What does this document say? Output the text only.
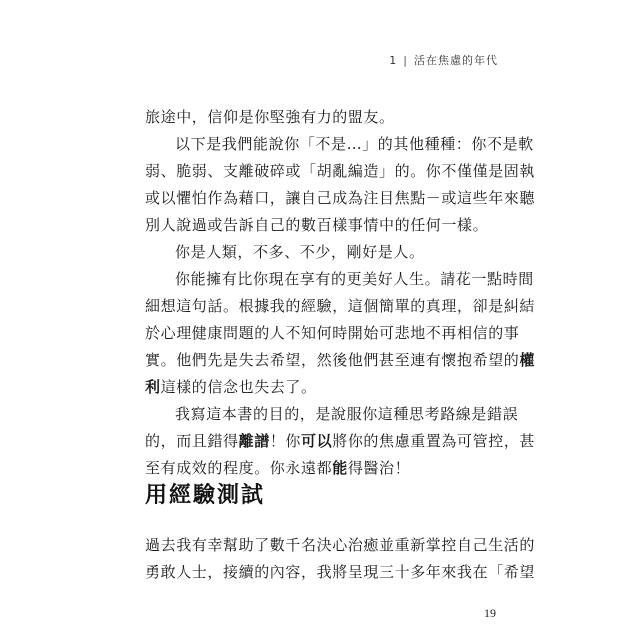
1 | 活在焦慮的年代

旅途中，信仰是你堅強有力的盟友。

以下是我們能說你「不是…」的其他種種：你不是軟

弱、脆弱、支離破碎或「胡亂編造」的。你不僅僅是固執

或以懼怕作為藉口，讓自己成為注目焦點－或這些年來聽

別人說過或告訴自己的數百樣事情中的任何一樣。

你是人類，不多、不少，剛好是人。

你能擁有比你現在享有的更美好人生。請花一點時間

細想這句話。根據我的經驗，這個簡單的真理，卻是糾結

於心理健康問題的人不知何時開始可悲地不再相信的事

實。他們先是失去希望，然後他們甚至連有懷抱希望的權

利這樣的信念也失去了。

我寫這本書的目的，是說服你這種思考路線是錯誤

的，而且錯得離譜！你可以將你的焦慮重置為可管控，甚

至有成效的程度。你永遠都能得醫治！

用經驗測試

過去我有幸幫助了數千名決心治癒並重新掌控自己生活的

勇敢人士，接續的內容，我將呈現三十多年來我在「希望

19
